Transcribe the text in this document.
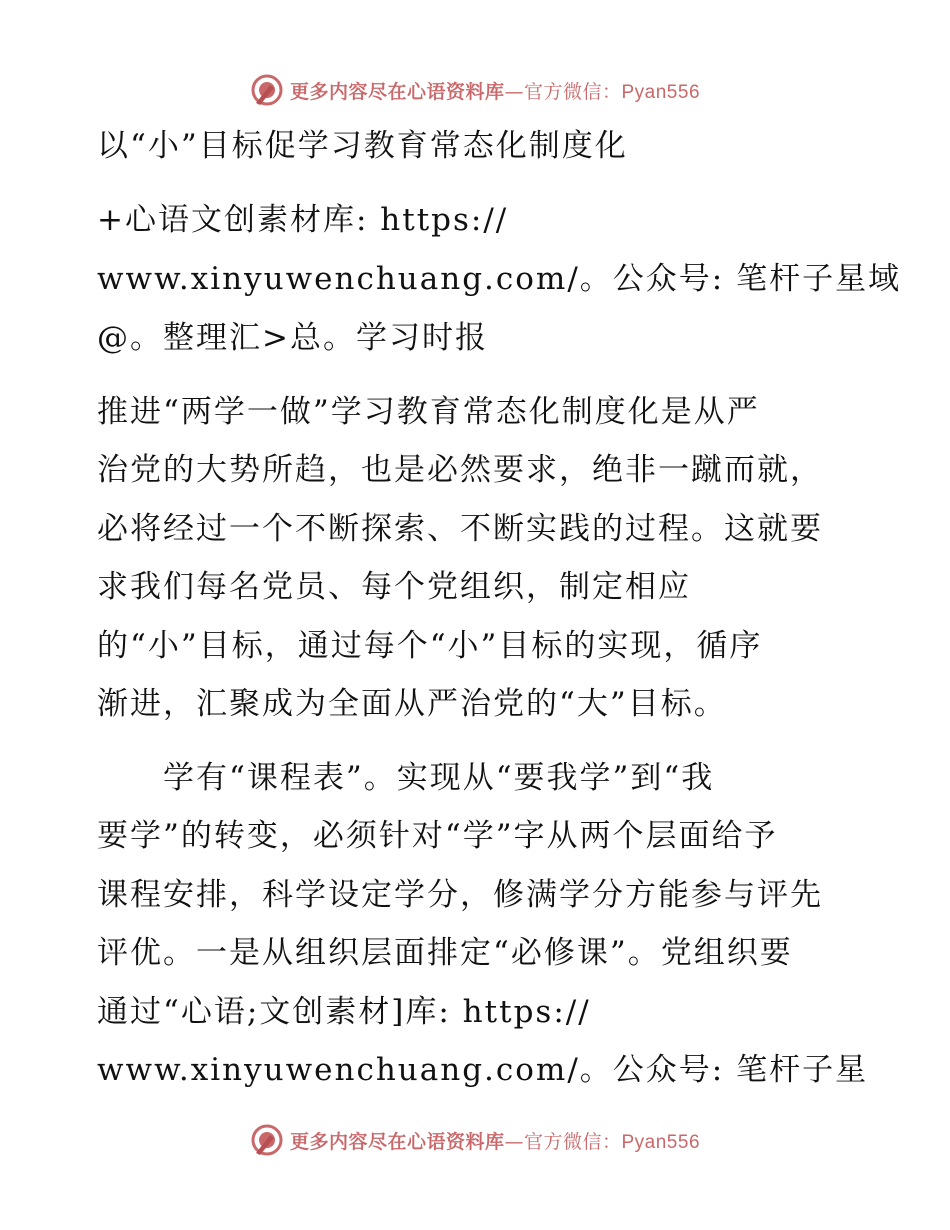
更多内容尽在心语资料库—官方微信：Pyan556
以“小”目标促学习教育常态化制度化
+心语文创素材库: https://
www.xinyuwenchuang.com/。公众号: 笔杆子星域
@。整理汇>总。学习时报
推进“两学一做”学习教育常态化制度化是从严
治党的大势所趋，也是必然要求，绝非一蹴而就，
必将经过一个不断探索、不断实践的过程。这就要
求我们每名党员、每个党组织，制定相应
的“小”目标，通过每个“小”目标的实现，循序
渐进，汇聚成为全面从严治党的“大”目标。
　　学有“课程表”。实现从“要我学”到“我
要学”的转变，必须针对“学”字从两个层面给予
课程安排，科学设定学分，修满学分方能参与评先
评优。一是从组织层面排定“必修课”。党组织要
通过“心语;文创素材]库: https://
www.xinyuwenchuang.com/。公众号: 笔杆子星
更多内容尽在心语资料库—官方微信：Pyan556
